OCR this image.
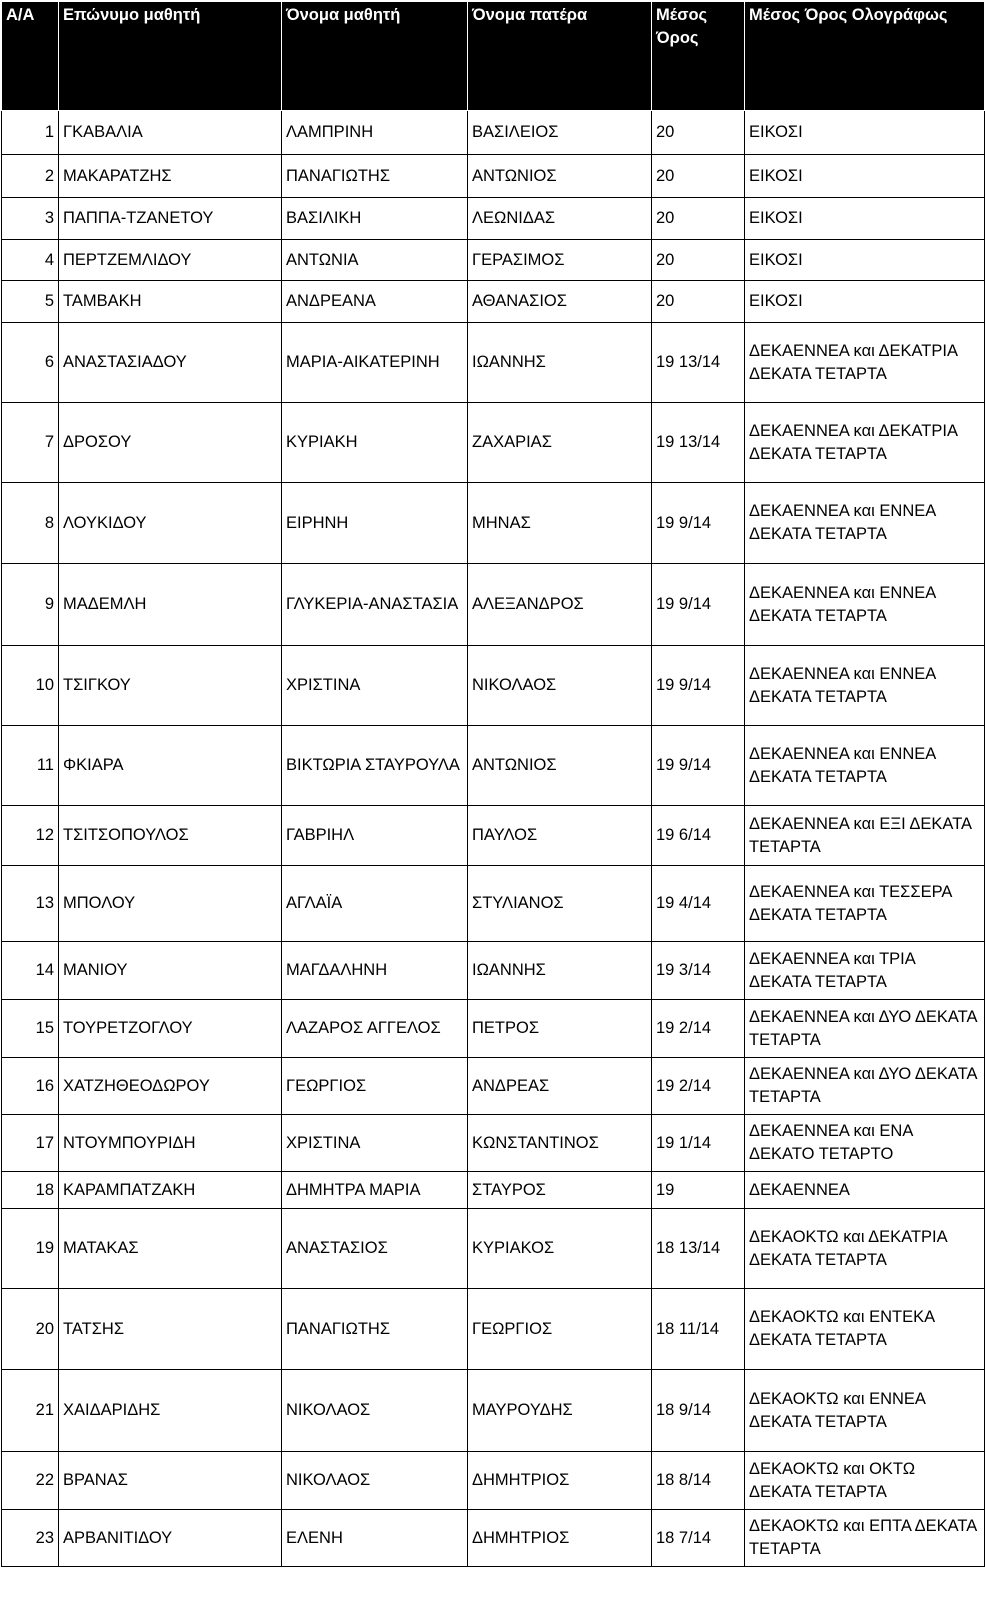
Α/Α	Επώνυμο μαθητή	Όνομα μαθητή	Όνομα πατέρα	Μέσος Όρος	Μέσος Όρος Ολογράφως
1	ΓΚΑΒΑΛΙΑ	ΛΑΜΠΡΙΝΗ	ΒΑΣΙΛΕΙΟΣ	20	ΕΙΚΟΣΙ
2	ΜΑΚΑΡΑΤΖΗΣ	ΠΑΝΑΓΙΩΤΗΣ	ΑΝΤΩΝΙΟΣ	20	ΕΙΚΟΣΙ
3	ΠΑΠΠΑ-ΤΖΑΝΕΤΟΥ	ΒΑΣΙΛΙΚΗ	ΛΕΩΝΙΔΑΣ	20	ΕΙΚΟΣΙ
4	ΠΕΡΤΖΕΜΛΙΔΟΥ	ΑΝΤΩΝΙΑ	ΓΕΡΑΣΙΜΟΣ	20	ΕΙΚΟΣΙ
5	ΤΑΜΒΑΚΗ	ΑΝΔΡΕΑΝΑ	ΑΘΑΝΑΣΙΟΣ	20	ΕΙΚΟΣΙ
6	ΑΝΑΣΤΑΣΙΑΔΟΥ	ΜΑΡΙΑ-ΑΙΚΑΤΕΡΙΝΗ	ΙΩΑΝΝΗΣ	19 13/14	ΔΕΚΑΕΝΝΕΑ και ΔΕΚΑΤΡΙΑ ΔΕΚΑΤΑ ΤΕΤΑΡΤΑ
7	ΔΡΟΣΟΥ	ΚΥΡΙΑΚΗ	ΖΑΧΑΡΙΑΣ	19 13/14	ΔΕΚΑΕΝΝΕΑ και ΔΕΚΑΤΡΙΑ ΔΕΚΑΤΑ ΤΕΤΑΡΤΑ
8	ΛΟΥΚΙΔΟΥ	ΕΙΡΗΝΗ	ΜΗΝΑΣ	19 9/14	ΔΕΚΑΕΝΝΕΑ και ΕΝΝΕΑ ΔΕΚΑΤΑ ΤΕΤΑΡΤΑ
9	ΜΑΔΕΜΛΗ	ΓΛΥΚΕΡΙΑ-ΑΝΑΣΤΑΣΙΑ	ΑΛΕΞΑΝΔΡΟΣ	19 9/14	ΔΕΚΑΕΝΝΕΑ και ΕΝΝΕΑ ΔΕΚΑΤΑ ΤΕΤΑΡΤΑ
10	ΤΣΙΓΚΟΥ	ΧΡΙΣΤΙΝΑ	ΝΙΚΟΛΑΟΣ	19 9/14	ΔΕΚΑΕΝΝΕΑ και ΕΝΝΕΑ ΔΕΚΑΤΑ ΤΕΤΑΡΤΑ
11	ΦΚΙΑΡΑ	ΒΙΚΤΩΡΙΑ ΣΤΑΥΡΟΥΛΑ	ΑΝΤΩΝΙΟΣ	19 9/14	ΔΕΚΑΕΝΝΕΑ και ΕΝΝΕΑ ΔΕΚΑΤΑ ΤΕΤΑΡΤΑ
12	ΤΣΙΤΣΟΠΟΥΛΟΣ	ΓΑΒΡΙΗΛ	ΠΑΥΛΟΣ	19 6/14	ΔΕΚΑΕΝΝΕΑ και ΕΞΙ ΔΕΚΑΤΑ ΤΕΤΑΡΤΑ
13	ΜΠΟΛΟΥ	ΑΓΛΑΪΑ	ΣΤΥΛΙΑΝΟΣ	19 4/14	ΔΕΚΑΕΝΝΕΑ και ΤΕΣΣΕΡΑ ΔΕΚΑΤΑ ΤΕΤΑΡΤΑ
14	ΜΑΝΙΟΥ	ΜΑΓΔΑΛΗΝΗ	ΙΩΑΝΝΗΣ	19 3/14	ΔΕΚΑΕΝΝΕΑ και ΤΡΙΑ ΔΕΚΑΤΑ ΤΕΤΑΡΤΑ
15	ΤΟΥΡΕΤΖΟΓΛΟΥ	ΛΑΖΑΡΟΣ ΑΓΓΕΛΟΣ	ΠΕΤΡΟΣ	19 2/14	ΔΕΚΑΕΝΝΕΑ και ΔΥΟ ΔΕΚΑΤΑ ΤΕΤΑΡΤΑ
16	ΧΑΤΖΗΘΕΟΔΩΡΟΥ	ΓΕΩΡΓΙΟΣ	ΑΝΔΡΕΑΣ	19 2/14	ΔΕΚΑΕΝΝΕΑ και ΔΥΟ ΔΕΚΑΤΑ ΤΕΤΑΡΤΑ
17	ΝΤΟΥΜΠΟΥΡΙΔΗ	ΧΡΙΣΤΙΝΑ	ΚΩΝΣΤΑΝΤΙΝΟΣ	19 1/14	ΔΕΚΑΕΝΝΕΑ και ΕΝΑ ΔΕΚΑΤΟ ΤΕΤΑΡΤΟ
18	ΚΑΡΑΜΠΑΤΖΑΚΗ	ΔΗΜΗΤΡΑ ΜΑΡΙΑ	ΣΤΑΥΡΟΣ	19	ΔΕΚΑΕΝΝΕΑ
19	ΜΑΤΑΚΑΣ	ΑΝΑΣΤΑΣΙΟΣ	ΚΥΡΙΑΚΟΣ	18 13/14	ΔΕΚΑΟΚΤΩ και ΔΕΚΑΤΡΙΑ ΔΕΚΑΤΑ ΤΕΤΑΡΤΑ
20	ΤΑΤΣΗΣ	ΠΑΝΑΓΙΩΤΗΣ	ΓΕΩΡΓΙΟΣ	18 11/14	ΔΕΚΑΟΚΤΩ και ΕΝΤΕΚΑ ΔΕΚΑΤΑ ΤΕΤΑΡΤΑ
21	ΧΑΙΔΑΡΙΔΗΣ	ΝΙΚΟΛΑΟΣ	ΜΑΥΡΟΥΔΗΣ	18 9/14	ΔΕΚΑΟΚΤΩ και ΕΝΝΕΑ ΔΕΚΑΤΑ ΤΕΤΑΡΤΑ
22	ΒΡΑΝΑΣ	ΝΙΚΟΛΑΟΣ	ΔΗΜΗΤΡΙΟΣ	18 8/14	ΔΕΚΑΟΚΤΩ και ΟΚΤΩ ΔΕΚΑΤΑ ΤΕΤΑΡΤΑ
23	ΑΡΒΑΝΙΤΙΔΟΥ	ΕΛΕΝΗ	ΔΗΜΗΤΡΙΟΣ	18 7/14	ΔΕΚΑΟΚΤΩ και ΕΠΤΑ ΔΕΚΑΤΑ ΤΕΤΑΡΤΑ
